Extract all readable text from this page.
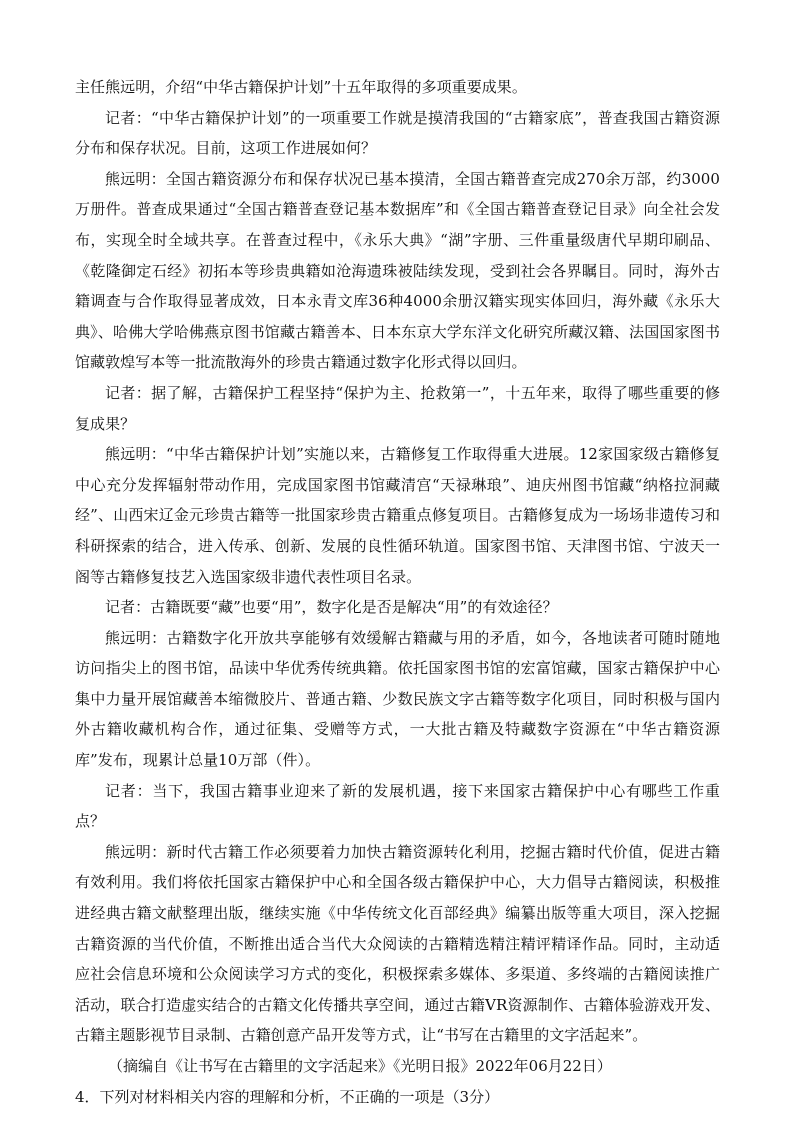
主任熊远明，介绍“中华古籍保护计划”十五年取得的多项重要成果。

记者：“中华古籍保护计划”的一项重要工作就是摸清我国的“古籍家底”，普查我国古籍资源分布和保存状况。目前，这项工作进展如何？

熊远明：全国古籍资源分布和保存状况已基本摸清，全国古籍普查完成270余万部，约3000万册件。普查成果通过“全国古籍普查登记基本数据库”和《全国古籍普查登记目录》向全社会发布，实现全时全域共享。在普查过程中，《永乐大典》“湖”字册、三件重量级唐代早期印刷品、《乾隆御定石经》初拓本等珍贵典籍如沧海遗珠被陆续发现，受到社会各界瞩目。同时，海外古籍调查与合作取得显著成效，日本永青文库36种4000余册汉籍实现实体回归，海外藏《永乐大典》、哈佛大学哈佛燕京图书馆藏古籍善本、日本东京大学东洋文化研究所藏汉籍、法国国家图书馆藏敦煌写本等一批流散海外的珍贵古籍通过数字化形式得以回归。

记者：据了解，古籍保护工程坚持“保护为主、抢救第一”，十五年来，取得了哪些重要的修复成果？

熊远明：“中华古籍保护计划”实施以来，古籍修复工作取得重大进展。12家国家级古籍修复中心充分发挥辐射带动作用，完成国家图书馆藏清宫“天禄琳琅”、迪庆州图书馆藏“纳格拉洞藏经”、山西宋辽金元珍贵古籍等一批国家珍贵古籍重点修复项目。古籍修复成为一场场非遗传习和科研探索的结合，进入传承、创新、发展的良性循环轨道。国家图书馆、天津图书馆、宁波天一阁等古籍修复技艺入选国家级非遗代表性项目名录。

记者：古籍既要“藏”也要“用”，数字化是否是解决“用”的有效途径？

熊远明：古籍数字化开放共享能够有效缓解古籍藏与用的矛盾，如今，各地读者可随时随地访问指尖上的图书馆，品读中华优秀传统典籍。依托国家图书馆的宏富馆藏，国家古籍保护中心集中力量开展馆藏善本缩微胶片、普通古籍、少数民族文字古籍等数字化项目，同时积极与国内外古籍收藏机构合作，通过征集、受赠等方式，一大批古籍及特藏数字资源在“中华古籍资源库”发布，现累计总量10万部（件）。

记者：当下，我国古籍事业迎来了新的发展机遇，接下来国家古籍保护中心有哪些工作重点？

熊远明：新时代古籍工作必须要着力加快古籍资源转化利用，挖掘古籍时代价值，促进古籍有效利用。我们将依托国家古籍保护中心和全国各级古籍保护中心，大力倡导古籍阅读，积极推进经典古籍文献整理出版，继续实施《中华传统文化百部经典》编纂出版等重大项目，深入挖掘古籍资源的当代价值，不断推出适合当代大众阅读的古籍精选精注精评精译作品。同时，主动适应社会信息环境和公众阅读学习方式的变化，积极探索多媒体、多渠道、多终端的古籍阅读推广活动，联合打造虚实结合的古籍文化传播共享空间，通过古籍VR资源制作、古籍体验游戏开发、古籍主题影视节目录制、古籍创意产品开发等方式，让“书写在古籍里的文字活起来”。

（摘编自《让书写在古籍里的文字活起来》《光明日报》2022年06月22日）

4．下列对材料相关内容的理解和分析，不正确的一项是（3分）
